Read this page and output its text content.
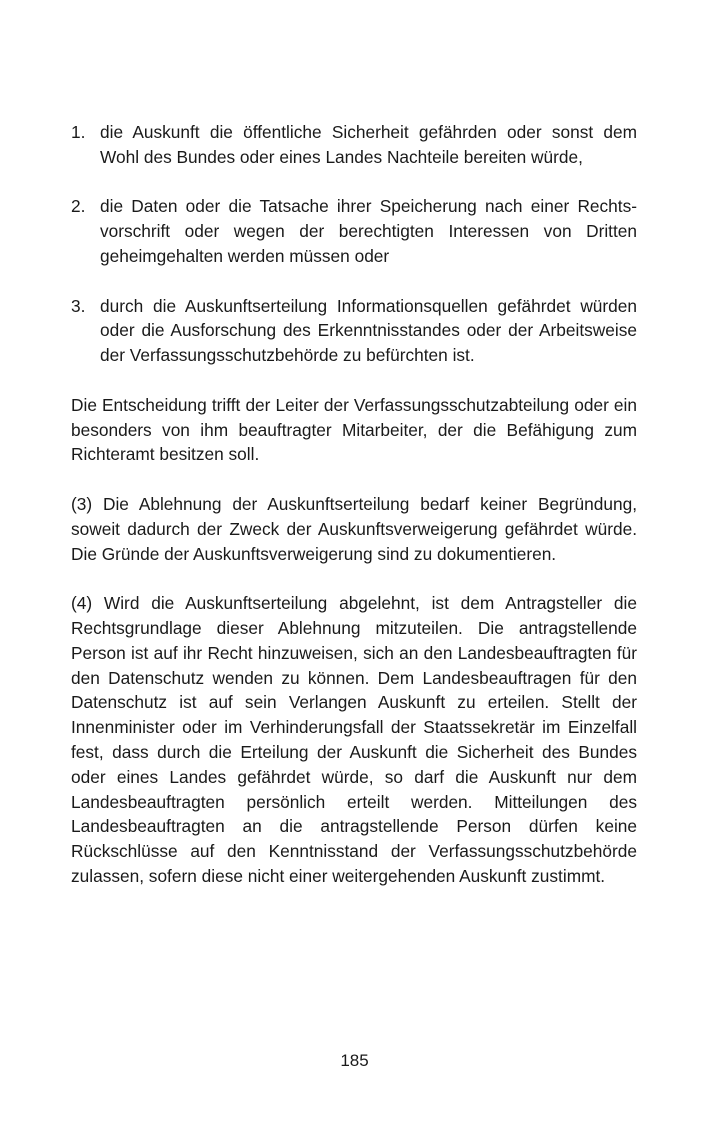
1. die Auskunft die öffentliche Sicherheit gefährden oder sonst dem Wohl des Bundes oder eines Landes Nachteile bereiten würde,
2. die Daten oder die Tatsache ihrer Speicherung nach einer Rechtsvorschrift oder wegen der berechtigten Interessen von Dritten geheimgehalten werden müssen oder
3. durch die Auskunftserteilung Informationsquellen gefährdet würden oder die Ausforschung des Erkenntnisstandes oder der Arbeitsweise der Verfassungsschutzbehörde zu befürchten ist.

Die Entscheidung trifft der Leiter der Verfassungsschutzabteilung oder ein besonders von ihm beauftragter Mitarbeiter, der die Befähigung zum Richteramt besitzen soll.

(3) Die Ablehnung der Auskunftserteilung bedarf keiner Begründung, soweit dadurch der Zweck der Auskunftsverweigerung gefährdet würde. Die Gründe der Auskunftsverweigerung sind zu dokumentieren.

(4) Wird die Auskunftserteilung abgelehnt, ist dem Antragsteller die Rechtsgrundlage dieser Ablehnung mitzuteilen. Die antragstellende Person ist auf ihr Recht hinzuweisen, sich an den Landesbeauftragten für den Datenschutz wenden zu können. Dem Landesbeauftragen für den Datenschutz ist auf sein Verlangen Auskunft zu erteilen. Stellt der Innenminister oder im Verhinderungsfall der Staatssekretär im Einzelfall fest, dass durch die Erteilung der Auskunft die Sicherheit des Bundes oder eines Landes gefährdet würde, so darf die Auskunft nur dem Landesbeauftragten persönlich erteilt werden. Mitteilungen des Landesbeauftragten an die antragstellende Person dürfen keine Rückschlüsse auf den Kenntnisstand der Verfassungsschutzbehörde zulassen, sofern diese nicht einer weitergehenden Auskunft zustimmt.

185
